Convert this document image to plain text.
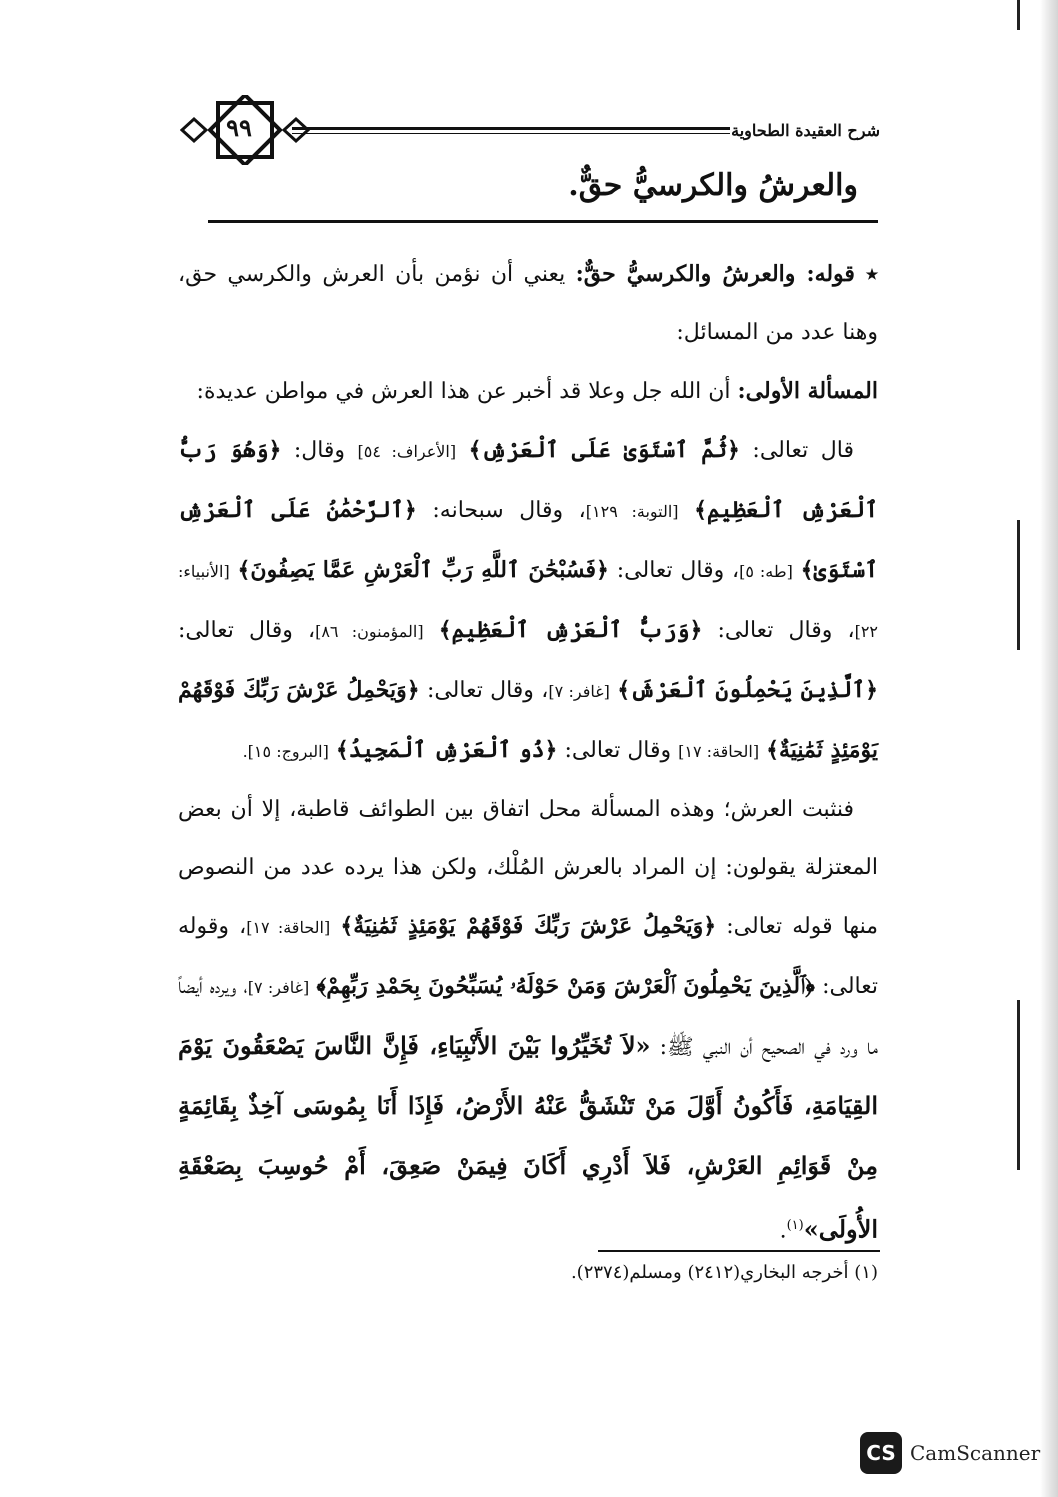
٩٩	شرح العقيدة الطحاوية
والعرشُ والكرسيُّ حقٌّ.

٭ قوله: والعرشُ والكرسيُّ حقٌّ: يعني أن نؤمن بأن العرش والكرسي حق، وهنا عدد من المسائل:

المسألة الأولى: أن الله جل وعلا قد أخبر عن هذا العرش في مواطن عديدة:

قال تعالى: ﴿ثُمَّ ٱسْتَوَىٰ عَلَى ٱلْعَرْشِ﴾ [الأعراف: ٥٤] وقال: ﴿وَهُوَ رَبُّ ٱلْعَرْشِ ٱلْعَظِيمِ﴾ [التوبة: ١٢٩]، وقال سبحانه: ﴿ٱلرَّحْمَٰنُ عَلَى ٱلْعَرْشِ ٱسْتَوَىٰ﴾ [طه: ٥]، وقال تعالى: ﴿فَسُبْحَٰنَ ٱللَّهِ رَبِّ ٱلْعَرْشِ عَمَّا يَصِفُونَ﴾ [الأنبياء: ٢٢]، وقال تعالى: ﴿وَرَبُّ ٱلْعَرْشِ ٱلْعَظِيمِ﴾ [المؤمنون: ٨٦]، وقال تعالى: ﴿ٱلَّذِينَ يَحْمِلُونَ ٱلْعَرْشَ﴾ [غافر: ٧]، وقال تعالى: ﴿وَيَحْمِلُ عَرْشَ رَبِّكَ فَوْقَهُمْ يَوْمَئِذٍ ثَمَٰنِيَةٌ﴾ [الحاقة: ١٧] وقال تعالى: ﴿ذُو ٱلْعَرْشِ ٱلْمَجِيدُ﴾ [البروج: ١٥].

فنثبت العرش؛ وهذه المسألة محل اتفاق بين الطوائف قاطبة، إلا أن بعض المعتزلة يقولون: إن المراد بالعرش المُلْك، ولكن هذا يرده عدد من النصوص منها قوله تعالى: ﴿وَيَحْمِلُ عَرْشَ رَبِّكَ فَوْقَهُمْ يَوْمَئِذٍ ثَمَٰنِيَةٌ﴾ [الحاقة: ١٧]، وقوله تعالى: ﴿ٱلَّذِينَ يَحْمِلُونَ ٱلْعَرْشَ وَمَنْ حَوْلَهُۥ يُسَبِّحُونَ بِحَمْدِ رَبِّهِمْ﴾ [غافر: ٧]، ويرده أيضاً ما ورد في الصحيح أن النبي ﷺ: «لاَ تُخَيِّرُوا بَيْنَ الأَنْبِيَاءِ، فَإِنَّ النَّاسَ يَصْعَقُونَ يَوْمَ القِيَامَةِ، فَأَكُونُ أَوَّلَ مَنْ تَنْشَقُّ عَنْهُ الأَرْضُ، فَإِذَا أَنَا بِمُوسَى آخِذٌ بِقَائِمَةٍ مِنْ قَوَائِمِ العَرْشِ، فَلاَ أَدْرِي أَكَانَ فِيمَنْ صَعِقَ، أَمْ حُوسِبَ بِصَعْقَةِ الأُولَى»$^{(١)}$.

(١) أخرجه البخاري(٢٤١٢) ومسلم(٢٣٧٤).
CS CamScanner
